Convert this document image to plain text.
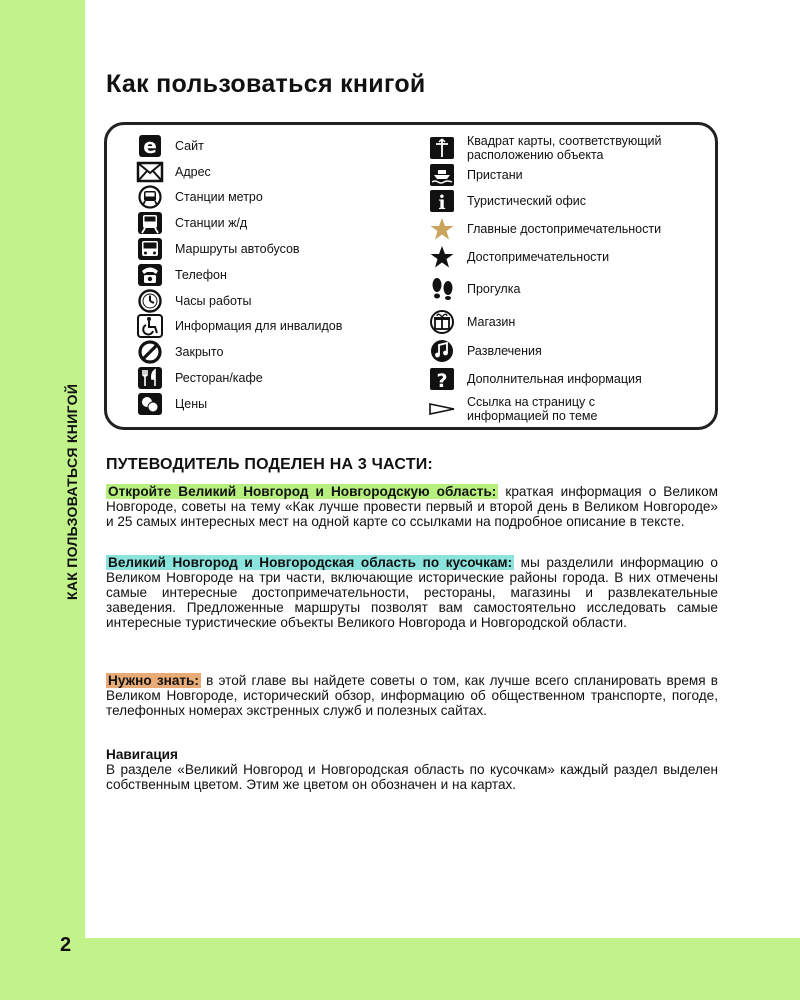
2
КАК ПОЛЬЗОВАТЬСЯ КНИГОЙ
Как пользоваться книгой
e Сайт
Адрес
Станции метро
Станции ж/д
Маршруты автобусов
Телефон
Часы работы
Информация для инвалидов
Закрыто
Ресторан/кафе
Цены
Квадрат карты, соответствующий расположению объекта
Пристани
i Туристический офис
Главные достопримечательности
Достопримечательности
Прогулка
Магазин
Развлечения
? Дополнительная информация
Ссылка на страницу с информацией по теме
ПУТЕВОДИТЕЛЬ ПОДЕЛЕН НА 3 ЧАСТИ:

Откройте Великий Новгород и Новгородскую область: краткая информация о Великом Новгороде, советы на тему «Как лучше провести первый и второй день в Великом Новгороде» и 25 самых интересных мест на одной карте со ссылками на подробное описание в тексте.

Великий Новгород и Новгородская область по кусочкам: мы разделили информацию о Великом Новгороде на три части, включающие исторические районы города. В них отмечены самые интересные достопримечательности, рестораны, магазины и развлекательные заведения. Предложенные маршруты позволят вам самостоятельно исследовать самые интересные туристические объекты Великого Новгорода и Новгородской области.

Нужно знать: в этой главе вы найдете советы о том, как лучше всего спланировать время в Великом Новгороде, исторический обзор, информацию об общественном транспорте, погоде, телефонных номерах экстренных служб и полезных сайтах.

Навигация
В разделе «Великий Новгород и Новгородская область по кусочкам» каждый раздел выделен собственным цветом. Этим же цветом он обозначен и на картах.
